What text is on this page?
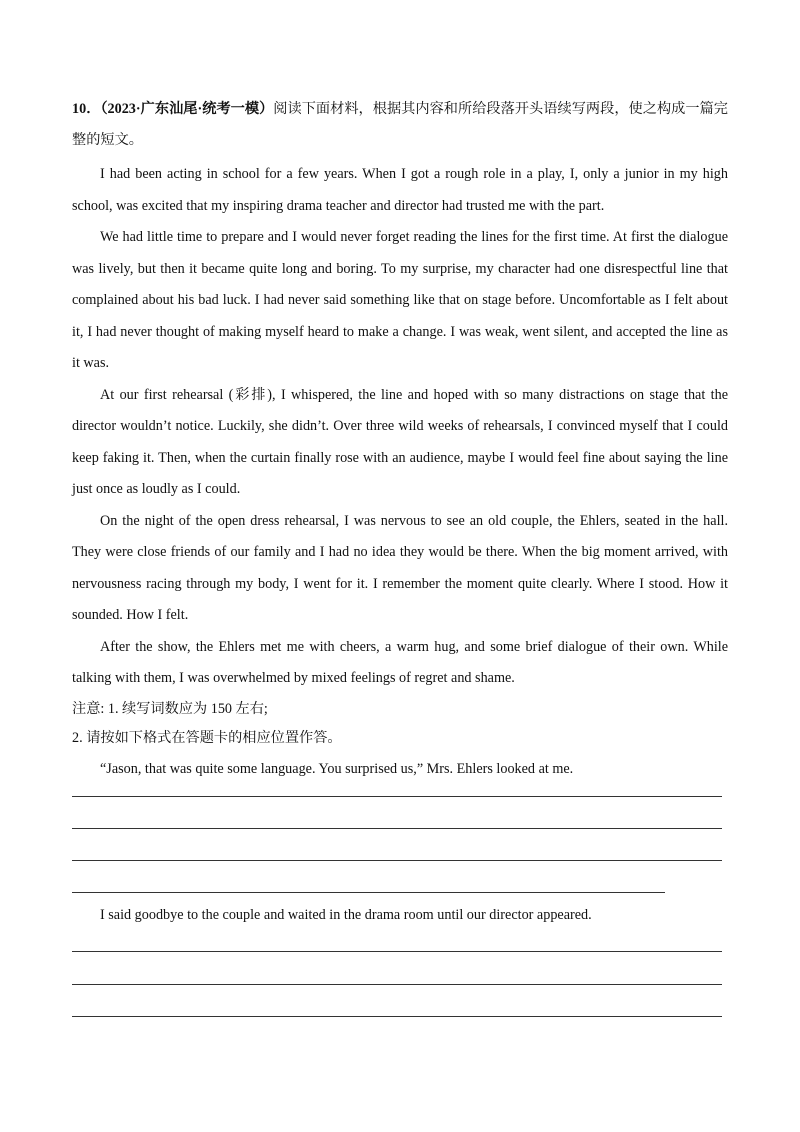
10．（2023·广东汕尾·统考一模）阅读下面材料，根据其内容和所给段落开头语续写两段，使之构成一篇完整的短文。

I had been acting in school for a few years. When I got a rough role in a play, I, only a junior in my high school, was excited that my inspiring drama teacher and director had trusted me with the part.

We had little time to prepare and I would never forget reading the lines for the first time. At first the dialogue was lively, but then it became quite long and boring. To my surprise, my character had one disrespectful line that complained about his bad luck. I had never said something like that on stage before. Uncomfortable as I felt about it, I had never thought of making myself heard to make a change. I was weak, went silent, and accepted the line as it was.

At our first rehearsal (彩排), I whispered, the line and hoped with so many distractions on stage that the director wouldn’t notice. Luckily, she didn’t. Over three wild weeks of rehearsals, I convinced myself that I could keep faking it. Then, when the curtain finally rose with an audience, maybe I would feel fine about saying the line just once as loudly as I could.

On the night of the open dress rehearsal, I was nervous to see an old couple, the Ehlers, seated in the hall. They were close friends of our family and I had no idea they would be there. When the big moment arrived, with nervousness racing through my body, I went for it. I remember the moment quite clearly. Where I stood. How it sounded. How I felt.

After the show, the Ehlers met me with cheers, a warm hug, and some brief dialogue of their own. While talking with them, I was overwhelmed by mixed feelings of regret and shame.

注意: 1. 续写词数应为 150 左右;

2. 请按如下格式在答题卡的相应位置作答。

“Jason, that was quite some language. You surprised us,” Mrs. Ehlers looked at me.

I said goodbye to the couple and waited in the drama room until our director appeared.
